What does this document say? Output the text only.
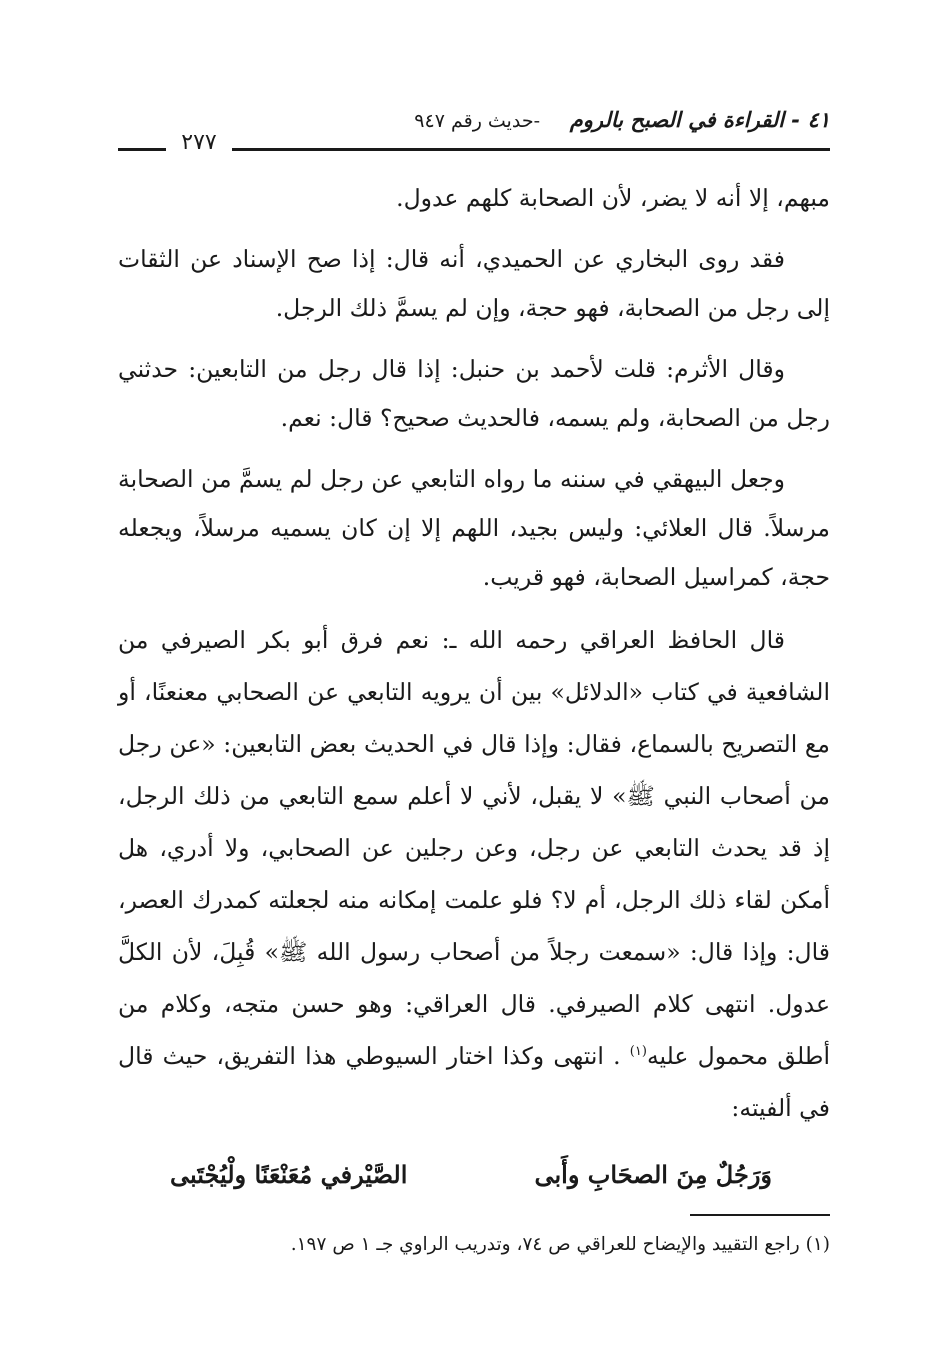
٤١ - القراءة في الصبح بالروم
-حديث رقم ٩٤٧
٢٧٧

مبهم، إلا أنه لا يضر، لأن الصحابة كلهم عدول.

فقد روى البخاري عن الحميدي، أنه قال: إذا صح الإسناد عن الثقات إلى رجل من الصحابة، فهو حجة، وإن لم يسمَّ ذلك الرجل.

وقال الأثرم: قلت لأحمد بن حنبل: إذا قال رجل من التابعين: حدثني رجل من الصحابة، ولم يسمه، فالحديث صحيح؟ قال: نعم.

وجعل البيهقي في سننه ما رواه التابعي عن رجل لم يسمَّ من الصحابة مرسلاً. قال العلائي: وليس بجيد، اللهم إلا إن كان يسميه مرسلاً، ويجعله حجة، كمراسيل الصحابة، فهو قريب.

قال الحافظ العراقي رحمه الله ـ: نعم فرق أبو بكر الصيرفي من الشافعية في كتاب «الدلائل» بين أن يرويه التابعي عن الصحابي معنعنًا، أو مع التصريح بالسماع، فقال: وإذا قال في الحديث بعض التابعين: «عن رجل من أصحاب النبي ﷺ» لا يقبل، لأني لا أعلم سمع التابعي من ذلك الرجل، إذ قد يحدث التابعي عن رجل، وعن رجلين عن الصحابي، ولا أدري، هل أمكن لقاء ذلك الرجل، أم لا؟ فلو علمت إمكانه منه لجعلته كمدرك العصر، قال: وإذا قال: «سمعت رجلاً من أصحاب رسول الله ﷺ» قُبِلَ، لأن الكلَّ عدول. انتهى كلام الصيرفي. قال العراقي: وهو حسن متجه، وكلام من أطلق محمول عليه$^{(١)}$ . انتهى وكذا اختار السيوطي هذا التفريق، حيث قال في ألفيته:

وَرَجُلٌ مِنَ الصحَابِ وأَبى
الصَّيْرفي مُعَنْعَنًا ولْيُجْتَبى
(١) راجع التقييد والإيضاح للعراقي ص ٧٤، وتدريب الراوي جـ ١ ص ١٩٧.
